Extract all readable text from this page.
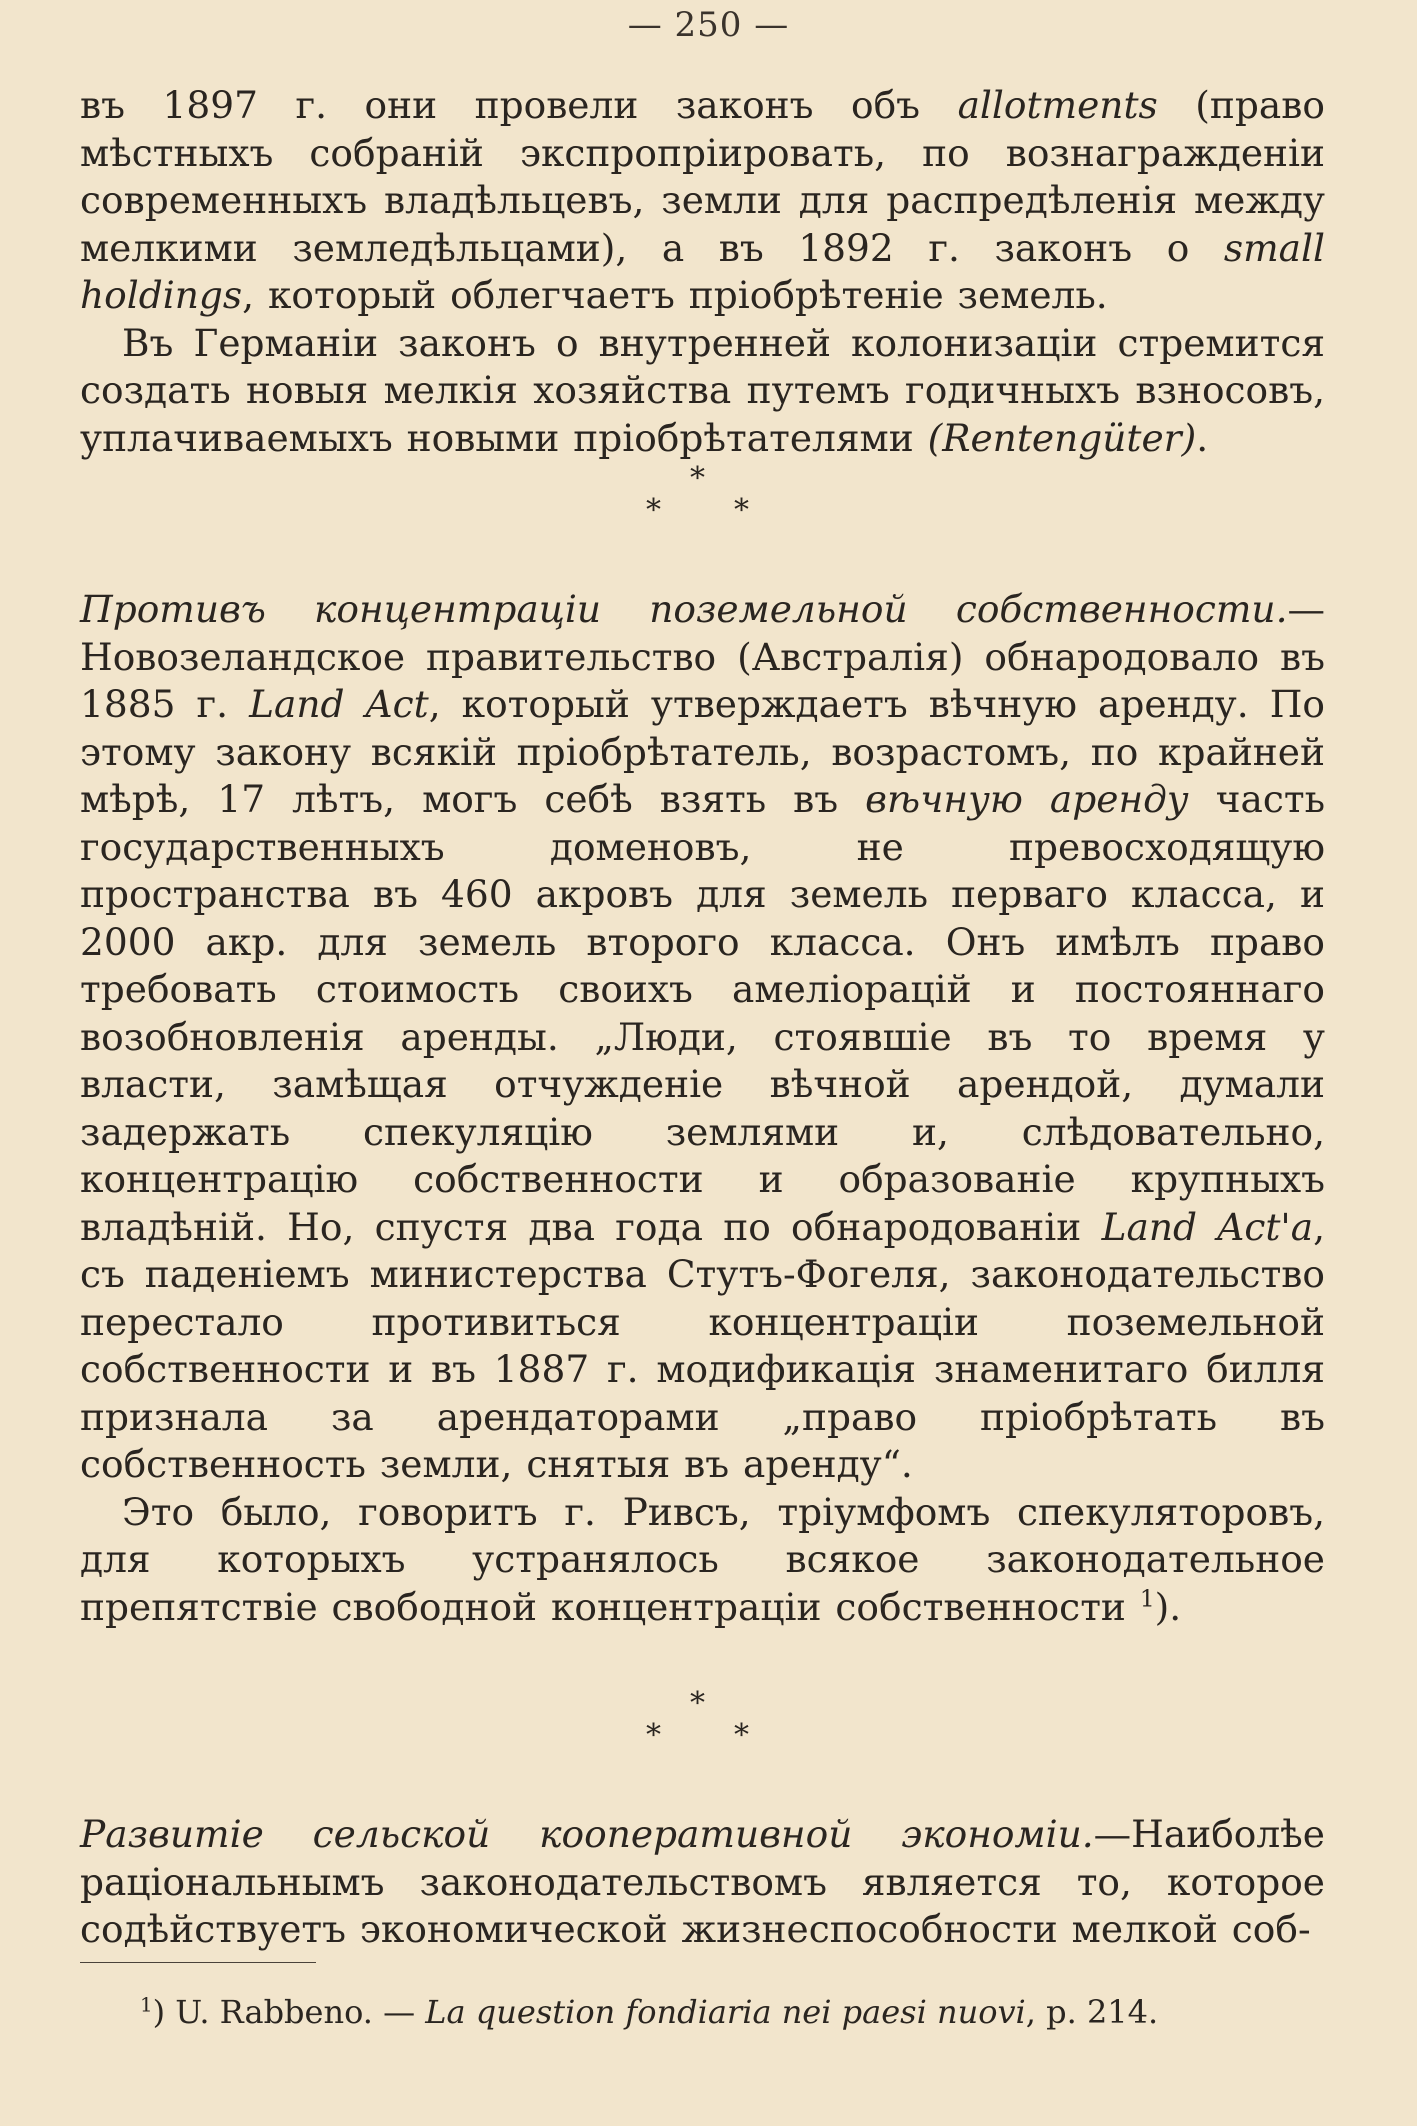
— 250 —

въ 1897 г. они провели законъ объ allotments (право мѣстныхъ собраній экспропріировать, по вознагражденіи современныхъ владѣльцевъ, земли для распредѣленія между мелкими земледѣльцами), а въ 1892 г. законъ о small holdings, который облегчаетъ пріобрѣтеніе земель.

Въ Германіи законъ о внутренней колонизаціи стремится создать новыя мелкія хозяйства путемъ годичныхъ взносовъ, уплачиваемыхъ новыми пріобрѣтателями (Rentengüter).

*
* *

Противъ концентраціи поземельной собственности.— Новозеландское правительство (Австралія) обнародовало въ 1885 г. Land Act, который утверждаетъ вѣчную аренду. По этому закону всякій пріобрѣтатель, возрастомъ, по крайней мѣрѣ, 17 лѣтъ, могъ себѣ взять въ вѣчную аренду часть государственныхъ доменовъ, не превосходящую пространства въ 460 акровъ для земель перваго класса, и 2000 акр. для земель второго класса. Онъ имѣлъ право требовать стоимость своихъ амеліорацій и постояннаго возобновленія аренды. „Люди, стоявшіе въ то время у власти, замѣщая отчужденіе вѣчной арендой, думали задержать спекуляцію землями и, слѣдовательно, концентрацію собственности и образованіе крупныхъ владѣній. Но, спустя два года по обнародованіи Land Act'a, съ паденіемъ министерства Стутъ-Фогеля, законодательство перестало противиться концентраціи поземельной собственности и въ 1887 г. модификація знаменитаго билля признала за арендаторами „право пріобрѣтать въ собственность земли, снятыя въ аренду“.

Это было, говоритъ г. Ривсъ, тріумфомъ спекуляторовъ, для которыхъ устранялось всякое законодательное препятствіе свободной концентраціи собственности $^1$).

*
* *

Развитіе сельской кооперативной экономіи.—Наиболѣе раціональнымъ законодательствомъ является то, которое содѣйствуетъ экономической жизнеспособности мелкой соб-

$^1$) U. Rabbeno. — La question fondiaria nei paesi nuovi, p. 214.
